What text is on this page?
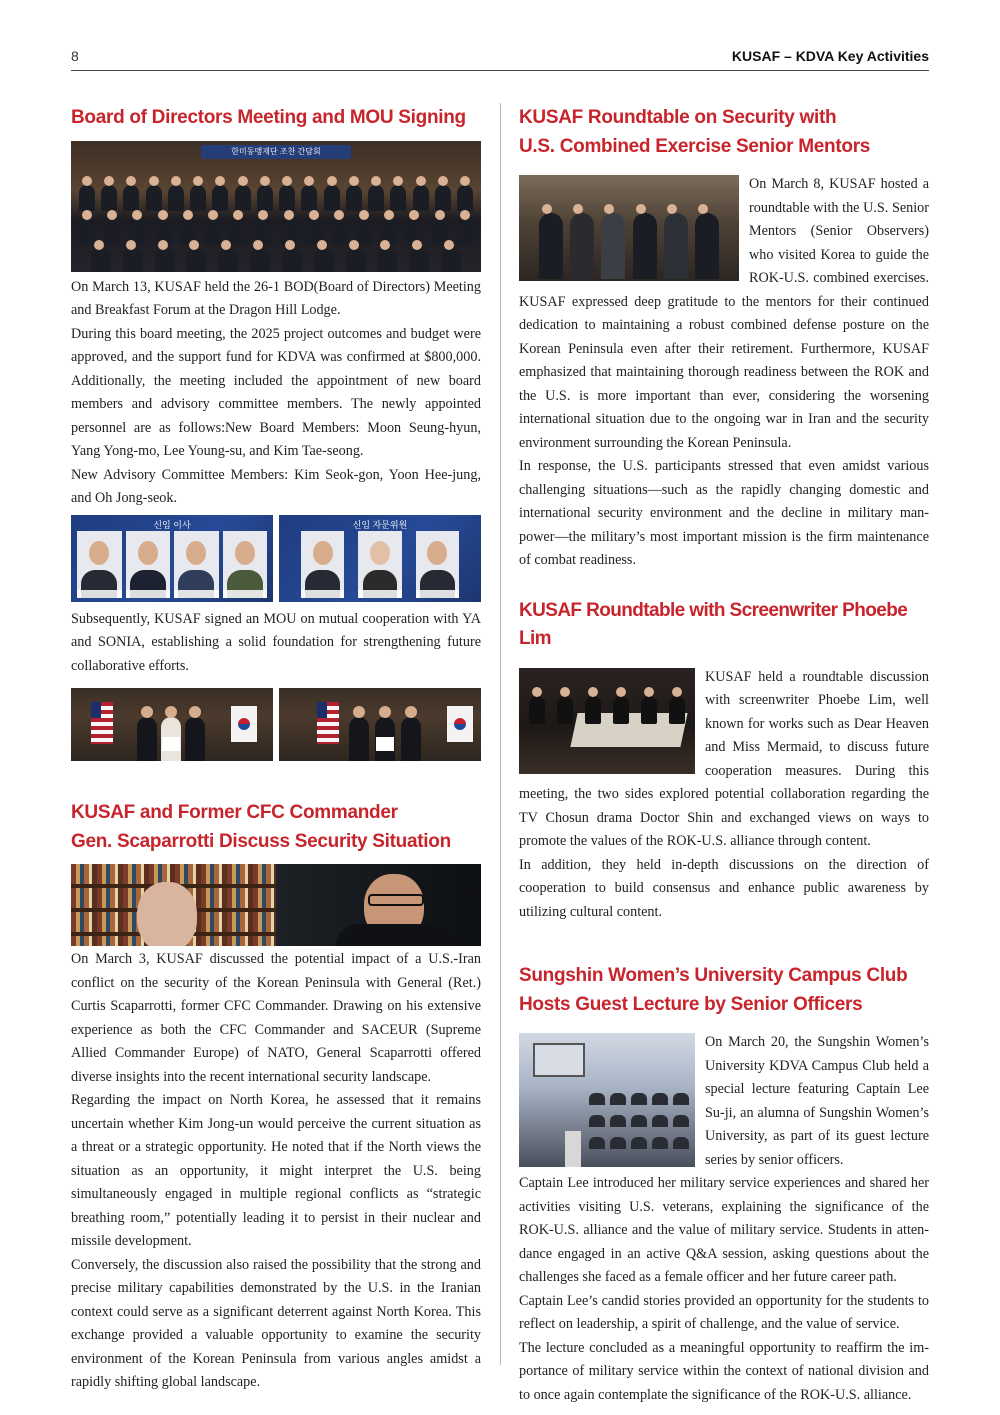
8	KUSAF – KDVA Key Activities
Board of Directors Meeting and MOU Signing
한미동맹재단 조찬 간담회

On March 13, KUSAF held the 26-1 BOD(Board of Directors) Meeting and Breakfast Forum at the Dragon Hill Lodge.

During this board meeting, the 2025 project outcomes and budget were approved, and the support fund for KDVA was confirmed at $800,000. Additionally, the meeting included the appointment of new board members and advisory committee members. The newly appointed personnel are as follows:New Board Members: Moon Seung-hyun, Yang Yong-mo, Lee Young-su, and Kim Tae-seong.

New Advisory Committee Members: Kim Seok-gon, Yoon Hee-jung, and Oh Jong-seok.

신임 이사	신임 자문위원

Subsequently, KUSAF signed an MOU on mutual cooperation with YA and SONIA, establishing a solid foundation for strengthening future collaborative efforts.

KUSAF and Former CFC Commander
Gen. Scaparrotti Discuss Security Situation

On March 3, KUSAF discussed the potential impact of a U.S.-Iran conflict on the security of the Korean Peninsula with General (Ret.) Curtis Scaparrotti, former CFC Commander. Drawing on his extensive experience as both the CFC Commander and SACEUR (Supreme Allied Commander Europe) of NATO, General Scaparrotti offered diverse insights into the recent international security landscape.

Regarding the impact on North Korea, he assessed that it remains uncertain whether Kim Jong-un would perceive the current situation as a threat or a strategic opportunity. He noted that if the North views the situation as an opportunity, it might interpret the U.S. being simultaneously engaged in multiple regional conflicts as “strategic breathing room,” potentially leading it to persist in their nuclear and missile development.

Conversely, the discussion also raised the possibility that the strong and precise military capabilities demonstrated by the U.S. in the Iranian context could serve as a significant deterrent against North Korea. This exchange provided a valuable opportunity to examine the security environment of the Korean Peninsula from various angles amidst a rapidly shifting global landscape.

KUSAF Roundtable on Security with
U.S. Combined Exercise Senior Mentors

On March 8, KUSAF hosted a roundtable with the U.S. Senior Mentors (Senior Observers) who visited Korea to guide the ROK-U.S. combined exercises. KUSAF expressed deep gratitude to the mentors for their continued dedication to maintaining a robust combined defense posture on the Korean Peninsula even after their retirement. Furthermore, KUSAF emphasized that maintaining thorough readiness between the ROK and the U.S. is more important than ever, considering the worsening international situation due to the ongoing war in Iran and the security environment surrounding the Korean Peninsula.

In response, the U.S. participants stressed that even amidst various challenging situations—such as the rapidly changing domestic and international security environment and the decline in military man-power—the military’s most important mission is the firm maintenance of combat readiness.

KUSAF Roundtable with Screenwriter Phoebe Lim

KUSAF held a roundtable discussion with screenwriter Phoebe Lim, well known for works such as Dear Heaven and Miss Mermaid, to discuss future cooperation measures. During this meeting, the two sides explored potential collaboration regarding the TV Chosun drama Doctor Shin and exchanged views on ways to promote the values of the ROK-U.S. alliance through content.

In addition, they held in-depth discussions on the direction of cooperation to build consensus and enhance public awareness by utilizing cultural content.

Sungshin Women’s University Campus Club
Hosts Guest Lecture by Senior Officers

On March 20, the Sungshin Women’s University KDVA Campus Club held a special lecture featuring Captain Lee Su-ji, an alumna of Sungshin Women’s University, as part of its guest lecture series by senior officers.

Captain Lee introduced her military service experiences and shared her activities visiting U.S. veterans, explaining the significance of the ROK-U.S. alliance and the value of military service. Students in atten-dance engaged in an active Q&A session, asking questions about the challenges she faced as a female officer and her future career path.

Captain Lee’s candid stories provided an opportunity for the students to reflect on leadership, a spirit of challenge, and the value of service.

The lecture concluded as a meaningful opportunity to reaffirm the im-portance of military service within the context of national division and to once again contemplate the significance of the ROK-U.S. alliance.
